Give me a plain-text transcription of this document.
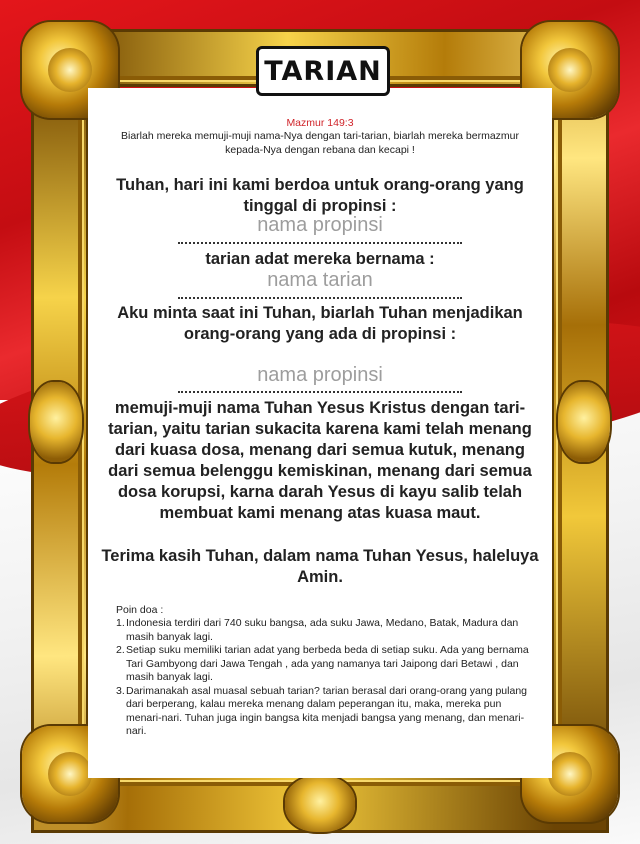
TARIAN
Mazmur 149:3
Biarlah mereka memuji-muji nama-Nya dengan tari-tarian, biarlah mereka bermazmur kepada-Nya dengan rebana dan kecapi !
Tuhan, hari ini kami berdoa untuk orang-orang yang tinggal di propinsi :
nama propinsi
tarian adat mereka bernama :
nama tarian
Aku minta saat ini Tuhan, biarlah Tuhan menjadikan orang-orang yang ada di propinsi :
nama propinsi
memuji-muji nama Tuhan Yesus Kristus dengan tari-tarian, yaitu tarian sukacita karena kami telah menang dari kuasa dosa, menang dari semua kutuk, menang dari semua belenggu kemiskinan, menang dari semua dosa korupsi, karna darah Yesus di kayu salib telah membuat kami menang atas kuasa maut.
Terima kasih Tuhan, dalam nama Tuhan Yesus, haleluya Amin.
Poin doa :
1. Indonesia terdiri dari 740 suku bangsa, ada suku Jawa, Medano, Batak, Madura dan masih banyak lagi.
2. Setiap suku memiliki tarian adat yang berbeda beda di setiap suku. Ada yang bernama Tari Gambyong dari Jawa Tengah , ada yang namanya tari Jaipong dari Betawi , dan masih banyak lagi.
3. Darimanakah asal muasal sebuah tarian? tarian berasal dari orang-orang yang pulang dari berperang, kalau mereka menang dalam peperangan itu, maka, mereka pun menari-nari. Tuhan juga ingin bangsa kita menjadi bangsa yang menang, dan menari-nari.
